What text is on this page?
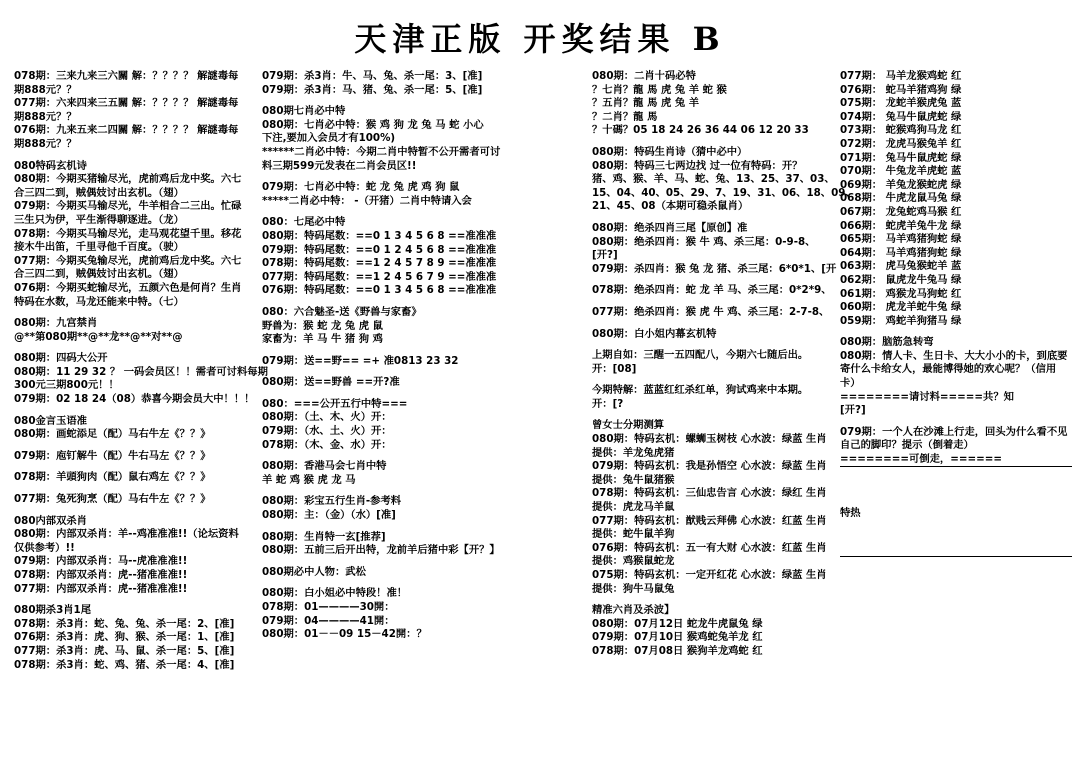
天津正版 开奖结果 B
078期：三来九来三六關 解：？？？？ 解謎毒每
期888元？？
077期：六来四来三五關 解：？？？？ 解謎毒每
期888元？？
076期：九来五来二四關 解：？？？？ 解謎毒每
期888元？？
080特码玄机诗
080期：今期买猪输尽光，虎前鸡后龙中奖。六七
合三四二到，贼偶妓讨出玄机。（翅）
079期：今期买马输尽光，牛羊相合二三出。忙碌
三生只为伊，平生渐得聊逐进。（龙）
078期：今期买马输尽光，走马观花望千里。移花
接木牛出笛，千里寻他千百度。（驶）
077期：今期买兔输尽光，虎前鸡后龙中奖。六七
合三四二到，贼偶妓讨出玄机。（翅）
076期：今期买蛇输尽光，五颜六色是何肖？生肖
特码在水数，马龙还能来中特。（七）
080期：九宫禁肖
@**第080期**@**龙**@**对**@
080期：四码大公开
080期：11 29 32 ？ 一码会员区！！需者可讨料每期
300元三期800元！！
079期：02 18 24（08）恭喜今期会员大中！！！
080金言玉语准
080期：画蛇添足（配）马右牛左《？？》
079期：庖钉解牛（配）牛右马左《？？》
078期：羊頭狗肉（配）鼠右鸡左《？？》
077期：兔死狗烹（配）马右牛左《？？》
080内部双杀肖
080期：内部双杀肖：羊--鸡准准准!!（论坛资料
仅供参考）!!
079期：内部双杀肖：马--虎准准准!!
078期：内部双杀肖：虎--猪准准准!!
077期：内部双杀肖：虎--猪准准准!!
080期杀3肖1尾
078期：杀3肖：蛇、兔、兔、杀一尾：2、[准]
076期：杀3肖：虎、狗、猴、杀一尾：1、[准]
077期：杀3肖：虎、马、鼠、杀一尾：5、[准]
078期：杀3肖：蛇、鸡、猪、杀一尾：4、[准]
079期：杀3肖：牛、马、兔、杀一尾：3、[准]
079期：杀3肖：马、猪、兔、杀一尾：5、[准]
080期七肖必中特
080期：七肖必中特：猴 鸡 狗 龙 兔 马 蛇 小心
下注,要加入会员才有100%)
******二肖必中特：今期二肖中特暂不公开需者可讨
料三期599元发表在二肖会员区!!
079期：七肖必中特：蛇 龙 兔 虎 鸡 狗 鼠
*****二肖必中特： -（开猪）二肖中特请入会
080：七尾必中特
080期：特码尾数：==0 1 3 4 5 6 8 ==准准准
079期：特码尾数：==0 1 2 4 5 6 8 ==准准准
078期：特码尾数：==1 2 4 5 7 8 9 ==准准准
077期：特码尾数：==1 2 4 5 6 7 9 ==准准准
076期：特码尾数：==0 1 3 4 5 6 8 ==准准准
080：六合魅圣-送《野兽与家畜》
野兽为：猴 蛇 龙 兔 虎 鼠
家畜为：羊 马 牛 猪 狗 鸡
079期：送==野== =+ 准0813 23 32
080期：送==野兽 ==开?准
080：===公开五行中特===
080期：（土、木、火）开：
079期：（水、土、火）开：
078期：（木、金、水）开：
080期：香港马会七肖中特
羊 蛇 鸡 猴 虎 龙 马
080期：彩宝五行生肖-参考料
080期：主：（金）（水）[准]
080期：生肖特一玄[推荐]
080期：五前三后开出特，龙前羊后猪中彩【开？】
080期必中人物：武松
080期：白小姐必中特段！准！
078期：01————30開：
079期：04————41開：
080期：01－－09 15－42開：？
080期：二肖十码必特
？七肖？龍 馬 虎 兔 羊 蛇 猴
？五肖？龍 馬 虎 兔 羊
？二肖？龍 馬
？十碼？05 18 24 26 36 44 06 12 20 33
080期：特码生肖诗（猜中必中）
080期：特码三七两边找 过一位有特码：开？
猪、鸡、猴、羊、马、蛇、兔、13、25、37、03、
15、04、40、05、29、7、19、31、06、18、09、
21、45、08（本期可稳杀鼠肖）
080期：绝杀四肖三尾【原创】准
080期：绝杀四肖：猴 牛 鸡、杀三尾：0-9-8、
[开?]
079期：杀四肖：猴 兔 龙 猪、杀三尾：6*0*1、[开
078期：绝杀四肖：蛇 龙 羊 马、杀三尾：0*2*9、
077期：绝杀四肖：猴 虎 牛 鸡、杀三尾：2-7-8、
080期：白小姐内幕玄机特
上期自如：三醒一五四配八，今期六七随后出。
开：[08]
今期特解：蓝蓝红红杀红单，狗试鸡来中本期。
开：[?
曾女士分期测算
080期：特码玄机：螺蛳玉树枝 心水波：绿蓝 生肖
提供：羊龙兔虎猪
079期：特码玄机：我是孙悟空 心水波：绿蓝 生肖
提供：兔牛鼠猪猴
078期：特码玄机：三仙忠告言 心水波：绿红 生肖
提供：虎龙马羊鼠
077期：特码玄机：猷贱云拜佛 心水波：红蓝 生肖
提供：蛇牛鼠羊狗
076期：特码玄机：五一有大财 心水波：红蓝 生肖
提供：鸡猴鼠蛇龙
075期：特码玄机：一定开红花 心水波：绿蓝 生肖
提供：狗牛马鼠兔
精准六肖及杀波】
080期：07月12日 蛇龙牛虎鼠兔 绿
079期：07月10日 猴鸡蛇兔羊龙 红
078期：07月08日 猴狗羊龙鸡蛇 红
077期： 马羊龙猴鸡蛇 红
076期： 蛇马羊猪鸡狗 绿
075期： 龙蛇羊猴虎兔 蓝
074期： 兔马牛鼠虎蛇 绿
073期： 蛇猴鸡狗马龙 红
072期： 龙虎马猴兔羊 红
071期： 兔马牛鼠虎蛇 绿
070期： 牛兔龙羊虎蛇 蓝
069期： 羊兔龙猴蛇虎 绿
068期： 牛虎龙鼠马兔 绿
067期： 龙兔蛇鸡马猴 红
066期： 蛇虎羊兔牛龙 绿
065期： 马羊鸡猪狗蛇 绿
064期： 马羊鸡猪狗蛇 绿
063期： 虎马兔猴蛇羊 蓝
062期： 鼠虎龙牛兔马 绿
061期： 鸡猴龙马狗蛇 红
060期： 虎龙羊蛇牛兔 绿
059期： 鸡蛇羊狗猪马 绿
080期：脑筋急转弯
080期：情人卡、生日卡、大大小小的卡，到底要
寄什么卡给女人，最能博得她的欢心呢？（信用
卡）
========请讨料=====共？知
[开?]
079期：一个人在沙滩上行走，回头为什么看不见
自己的脚印？提示（倒着走）
========可倒走，======
特热
